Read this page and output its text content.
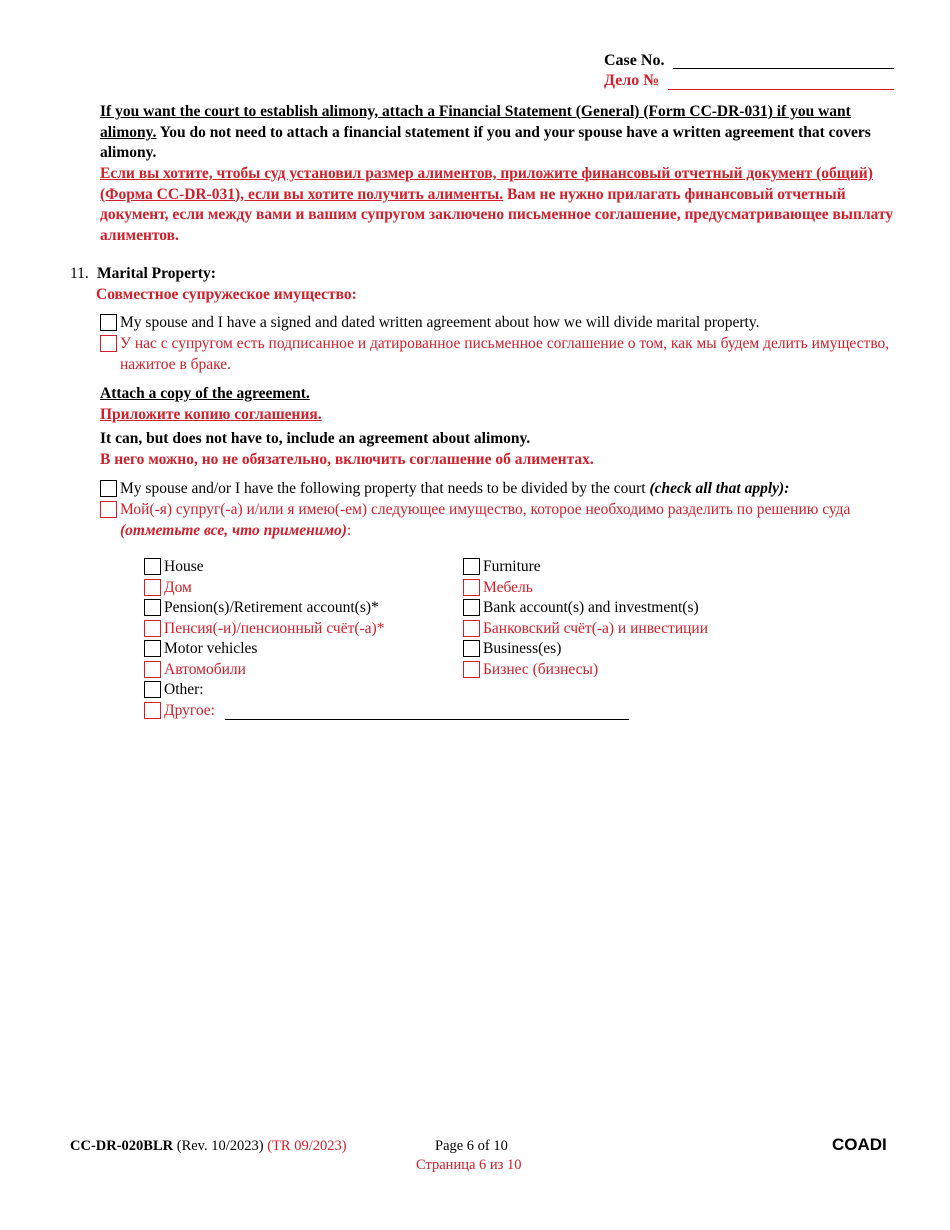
Case No.
Дело №
If you want the court to establish alimony, attach a Financial Statement (General) (Form CC-DR-031) if you want alimony. You do not need to attach a financial statement if you and your spouse have a written agreement that covers alimony.
Если вы хотите, чтобы суд установил размер алиментов, приложите финансовый отчетный документ (общий) (Форма CC-DR-031), если вы хотите получить алименты. Вам не нужно прилагать финансовый отчетный документ, если между вами и вашим супругом заключено письменное соглашение, предусматривающее выплату алиментов.
11. Marital Property:
Совместное супружеское имущество:
My spouse and I have a signed and dated written agreement about how we will divide marital property.
У нас с супругом есть подписанное и датированное письменное соглашение о том, как мы будем делить имущество, нажитое в браке.
Attach a copy of the agreement.
Приложите копию соглашения.
It can, but does not have to, include an agreement about alimony.
В него можно, но не обязательно, включить соглашение об алиментах.
My spouse and/or I have the following property that needs to be divided by the court (check all that apply):
Мой(-я) супруг(-а) и/или я имею(-ем) следующее имущество, которое необходимо разделить по решению суда (отметьте все, что применимо):
House
Дом
Pension(s)/Retirement account(s)*
Пенсия(-и)/пенсионный счёт(-а)*
Motor vehicles
Автомобили
Other:
Другое:
Furniture
Мебель
Bank account(s) and investment(s)
Банковский счёт(-а) и инвестиции
Business(es)
Бизнес (бизнесы)
CC-DR-020BLR (Rev. 10/2023) (TR 09/2023)	Page 6 of 10
Страница 6 из 10
COADI
